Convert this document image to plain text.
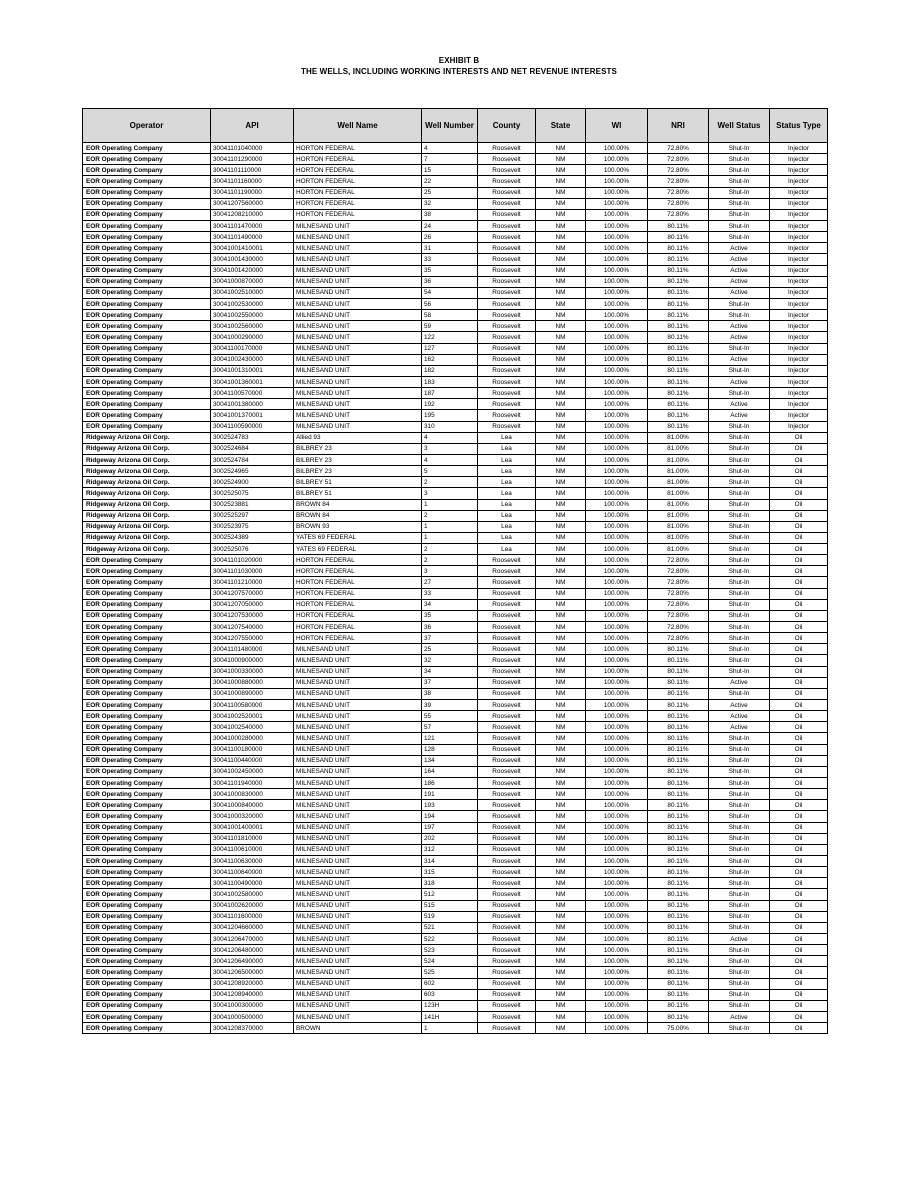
EXHIBIT B
THE WELLS, INCLUDING WORKING INTERESTS AND NET REVENUE INTERESTS
Operator	API	Well Name	Well Number	County	State	WI	NRI	Well Status	Status Type
EOR Operating Company	30041101040000	HORTON FEDERAL	4	Roosevelt	NM	100.00%	72.80%	Shut-In	Injector
EOR Operating Company	30041101290000	HORTON FEDERAL	7	Roosevelt	NM	100.00%	72.80%	Shut-In	Injector
EOR Operating Company	30041101110000	HORTON FEDERAL	15	Roosevelt	NM	100.00%	72.80%	Shut-In	Injector
EOR Operating Company	30041101160000	HORTON FEDERAL	22	Roosevelt	NM	100.00%	72.80%	Shut-In	Injector
EOR Operating Company	30041101190000	HORTON FEDERAL	25	Roosevelt	NM	100.00%	72.80%	Shut-In	Injector
EOR Operating Company	30041207560000	HORTON FEDERAL	32	Roosevelt	NM	100.00%	72.80%	Shut-In	Injector
EOR Operating Company	30041208210000	HORTON FEDERAL	38	Roosevelt	NM	100.00%	72.80%	Shut-In	Injector
EOR Operating Company	30041101470000	MILNESAND UNIT	24	Roosevelt	NM	100.00%	80.11%	Shut-In	Injector
EOR Operating Company	30041101490000	MILNESAND UNIT	26	Roosevelt	NM	100.00%	80.11%	Shut-In	Injector
EOR Operating Company	30041001410001	MILNESAND UNIT	31	Roosevelt	NM	100.00%	80.11%	Active	Injector
EOR Operating Company	30041001430000	MILNESAND UNIT	33	Roosevelt	NM	100.00%	80.11%	Active	Injector
EOR Operating Company	30041001420000	MILNESAND UNIT	35	Roosevelt	NM	100.00%	80.11%	Active	Injector
EOR Operating Company	30041000870000	MILNESAND UNIT	36	Roosevelt	NM	100.00%	80.11%	Active	Injector
EOR Operating Company	30041002510000	MILNESAND UNIT	54	Roosevelt	NM	100.00%	80.11%	Active	Injector
EOR Operating Company	30041002530000	MILNESAND UNIT	56	Roosevelt	NM	100.00%	80.11%	Shut-In	Injector
EOR Operating Company	30041002550000	MILNESAND UNIT	58	Roosevelt	NM	100.00%	80.11%	Shut-In	Injector
EOR Operating Company	30041002560000	MILNESAND UNIT	59	Roosevelt	NM	100.00%	80.11%	Active	Injector
EOR Operating Company	30041000290000	MILNESAND UNIT	122	Roosevelt	NM	100.00%	80.11%	Active	Injector
EOR Operating Company	30041100170000	MILNESAND UNIT	127	Roosevelt	NM	100.00%	80.11%	Shut-In	Injector
EOR Operating Company	30041002430000	MILNESAND UNIT	162	Roosevelt	NM	100.00%	80.11%	Active	Injector
EOR Operating Company	30041001310001	MILNESAND UNIT	182	Roosevelt	NM	100.00%	80.11%	Shut-In	Injector
EOR Operating Company	30041001360001	MILNESAND UNIT	183	Roosevelt	NM	100.00%	80.11%	Active	Injector
EOR Operating Company	30041100570000	MILNESAND UNIT	187	Roosevelt	NM	100.00%	80.11%	Shut-In	Injector
EOR Operating Company	30041001380000	MILNESAND UNIT	192	Roosevelt	NM	100.00%	80.11%	Active	Injector
EOR Operating Company	30041001370001	MILNESAND UNIT	195	Roosevelt	NM	100.00%	80.11%	Active	Injector
EOR Operating Company	30041100590000	MILNESAND UNIT	310	Roosevelt	NM	100.00%	80.11%	Shut-In	Injector
Ridgeway Arizona Oil Corp.	3002524783	Allied 93	4	Lea	NM	100.00%	81.00%	Shut-In	Oil
Ridgeway Arizona Oil Corp.	3002524684	BILBREY 23	3	Lea	NM	100.00%	81.00%	Shut-In	Oil
Ridgeway Arizona Oil Corp.	3002524784	BILBREY 23	4	Lea	NM	100.00%	81.00%	Shut-In	Oil
Ridgeway Arizona Oil Corp.	3002524965	BILBREY 23	5	Lea	NM	100.00%	81.00%	Shut-In	Oil
Ridgeway Arizona Oil Corp.	3002524900	BILBREY 51	2	Lea	NM	100.00%	81.00%	Shut-In	Oil
Ridgeway Arizona Oil Corp.	3002525075	BILBREY 51	3	Lea	NM	100.00%	81.00%	Shut-In	Oil
Ridgeway Arizona Oil Corp.	3002523881	BROWN 84	1	Lea	NM	100.00%	81.00%	Shut-In	Oil
Ridgeway Arizona Oil Corp.	3002525297	BROWN 84	2	Lea	NM	100.00%	81.00%	Shut-In	Oil
Ridgeway Arizona Oil Corp.	3002523975	BROWN 93	1	Lea	NM	100.00%	81.00%	Shut-In	Oil
Ridgeway Arizona Oil Corp.	3002524389	YATES 69 FEDERAL	1	Lea	NM	100.00%	81.00%	Shut-In	Oil
Ridgeway Arizona Oil Corp.	3002525076	YATES 69 FEDERAL	2	Lea	NM	100.00%	81.00%	Shut-In	Oil
EOR Operating Company	30041101020000	HORTON FEDERAL	2	Roosevelt	NM	100.00%	72.80%	Shut-In	Oil
EOR Operating Company	30041101030000	HORTON FEDERAL	3	Roosevelt	NM	100.00%	72.80%	Shut-In	Oil
EOR Operating Company	30041101210000	HORTON FEDERAL	27	Roosevelt	NM	100.00%	72.80%	Shut-In	Oil
EOR Operating Company	30041207570000	HORTON FEDERAL	33	Roosevelt	NM	100.00%	72.80%	Shut-In	Oil
EOR Operating Company	30041207050000	HORTON FEDERAL	34	Roosevelt	NM	100.00%	72.80%	Shut-In	Oil
EOR Operating Company	30041207530000	HORTON FEDERAL	35	Roosevelt	NM	100.00%	72.80%	Shut-In	Oil
EOR Operating Company	30041207540000	HORTON FEDERAL	36	Roosevelt	NM	100.00%	72.80%	Shut-In	Oil
EOR Operating Company	30041207550000	HORTON FEDERAL	37	Roosevelt	NM	100.00%	72.80%	Shut-In	Oil
EOR Operating Company	30041101480000	MILNESAND UNIT	25	Roosevelt	NM	100.00%	80.11%	Shut-In	Oil
EOR Operating Company	30041000900000	MILNESAND UNIT	32	Roosevelt	NM	100.00%	80.11%	Shut-In	Oil
EOR Operating Company	30041000330000	MILNESAND UNIT	34	Roosevelt	NM	100.00%	80.11%	Shut-In	Oil
EOR Operating Company	30041000880000	MILNESAND UNIT	37	Roosevelt	NM	100.00%	80.11%	Active	Oil
EOR Operating Company	30041000890000	MILNESAND UNIT	38	Roosevelt	NM	100.00%	80.11%	Shut-In	Oil
EOR Operating Company	30041100580000	MILNESAND UNIT	39	Roosevelt	NM	100.00%	80.11%	Active	Oil
EOR Operating Company	30041002520001	MILNESAND UNIT	55	Roosevelt	NM	100.00%	80.11%	Active	Oil
EOR Operating Company	30041002540000	MILNESAND UNIT	57	Roosevelt	NM	100.00%	80.11%	Active	Oil
EOR Operating Company	30041000280000	MILNESAND UNIT	121	Roosevelt	NM	100.00%	80.11%	Shut-In	Oil
EOR Operating Company	30041100180000	MILNESAND UNIT	128	Roosevelt	NM	100.00%	80.11%	Shut-In	Oil
EOR Operating Company	30041100440000	MILNESAND UNIT	134	Roosevelt	NM	100.00%	80.11%	Shut-In	Oil
EOR Operating Company	30041002450000	MILNESAND UNIT	164	Roosevelt	NM	100.00%	80.11%	Shut-In	Oil
EOR Operating Company	30041101940000	MILNESAND UNIT	186	Roosevelt	NM	100.00%	80.11%	Shut-In	Oil
EOR Operating Company	30041000830000	MILNESAND UNIT	191	Roosevelt	NM	100.00%	80.11%	Shut-In	Oil
EOR Operating Company	30041000840000	MILNESAND UNIT	193	Roosevelt	NM	100.00%	80.11%	Shut-In	Oil
EOR Operating Company	30041000320000	MILNESAND UNIT	194	Roosevelt	NM	100.00%	80.11%	Shut-In	Oil
EOR Operating Company	30041001400001	MILNESAND UNIT	197	Roosevelt	NM	100.00%	80.11%	Shut-In	Oil
EOR Operating Company	30041101810000	MILNESAND UNIT	202	Roosevelt	NM	100.00%	80.11%	Shut-In	Oil
EOR Operating Company	30041100610000	MILNESAND UNIT	312	Roosevelt	NM	100.00%	80.11%	Shut-In	Oil
EOR Operating Company	30041100630000	MILNESAND UNIT	314	Roosevelt	NM	100.00%	80.11%	Shut-In	Oil
EOR Operating Company	30041100640000	MILNESAND UNIT	315	Roosevelt	NM	100.00%	80.11%	Shut-In	Oil
EOR Operating Company	30041100490000	MILNESAND UNIT	318	Roosevelt	NM	100.00%	80.11%	Shut-In	Oil
EOR Operating Company	30041002580000	MILNESAND UNIT	512	Roosevelt	NM	100.00%	80.11%	Shut-In	Oil
EOR Operating Company	30041002620000	MILNESAND UNIT	515	Roosevelt	NM	100.00%	80.11%	Shut-In	Oil
EOR Operating Company	30041101600000	MILNESAND UNIT	519	Roosevelt	NM	100.00%	80.11%	Shut-In	Oil
EOR Operating Company	30041204660000	MILNESAND UNIT	521	Roosevelt	NM	100.00%	80.11%	Shut-In	Oil
EOR Operating Company	30041206470000	MILNESAND UNIT	522	Roosevelt	NM	100.00%	80.11%	Active	Oil
EOR Operating Company	30041206480000	MILNESAND UNIT	523	Roosevelt	NM	100.00%	80.11%	Shut-In	Oil
EOR Operating Company	30041206490000	MILNESAND UNIT	524	Roosevelt	NM	100.00%	80.11%	Shut-In	Oil
EOR Operating Company	30041206500000	MILNESAND UNIT	525	Roosevelt	NM	100.00%	80.11%	Shut-In	Oil
EOR Operating Company	30041208920000	MILNESAND UNIT	602	Roosevelt	NM	100.00%	80.11%	Shut-In	Oil
EOR Operating Company	30041208940000	MILNESAND UNIT	603	Roosevelt	NM	100.00%	80.11%	Shut-In	Oil
EOR Operating Company	30041000300000	MILNESAND UNIT	123H	Roosevelt	NM	100.00%	80.11%	Shut-In	Oil
EOR Operating Company	30041000500000	MILNESAND UNIT	141H	Roosevelt	NM	100.00%	80.11%	Active	Oil
EOR Operating Company	30041208370000	BROWN	1	Roosevelt	NM	100.00%	75.00%	Shut-In	Oil
